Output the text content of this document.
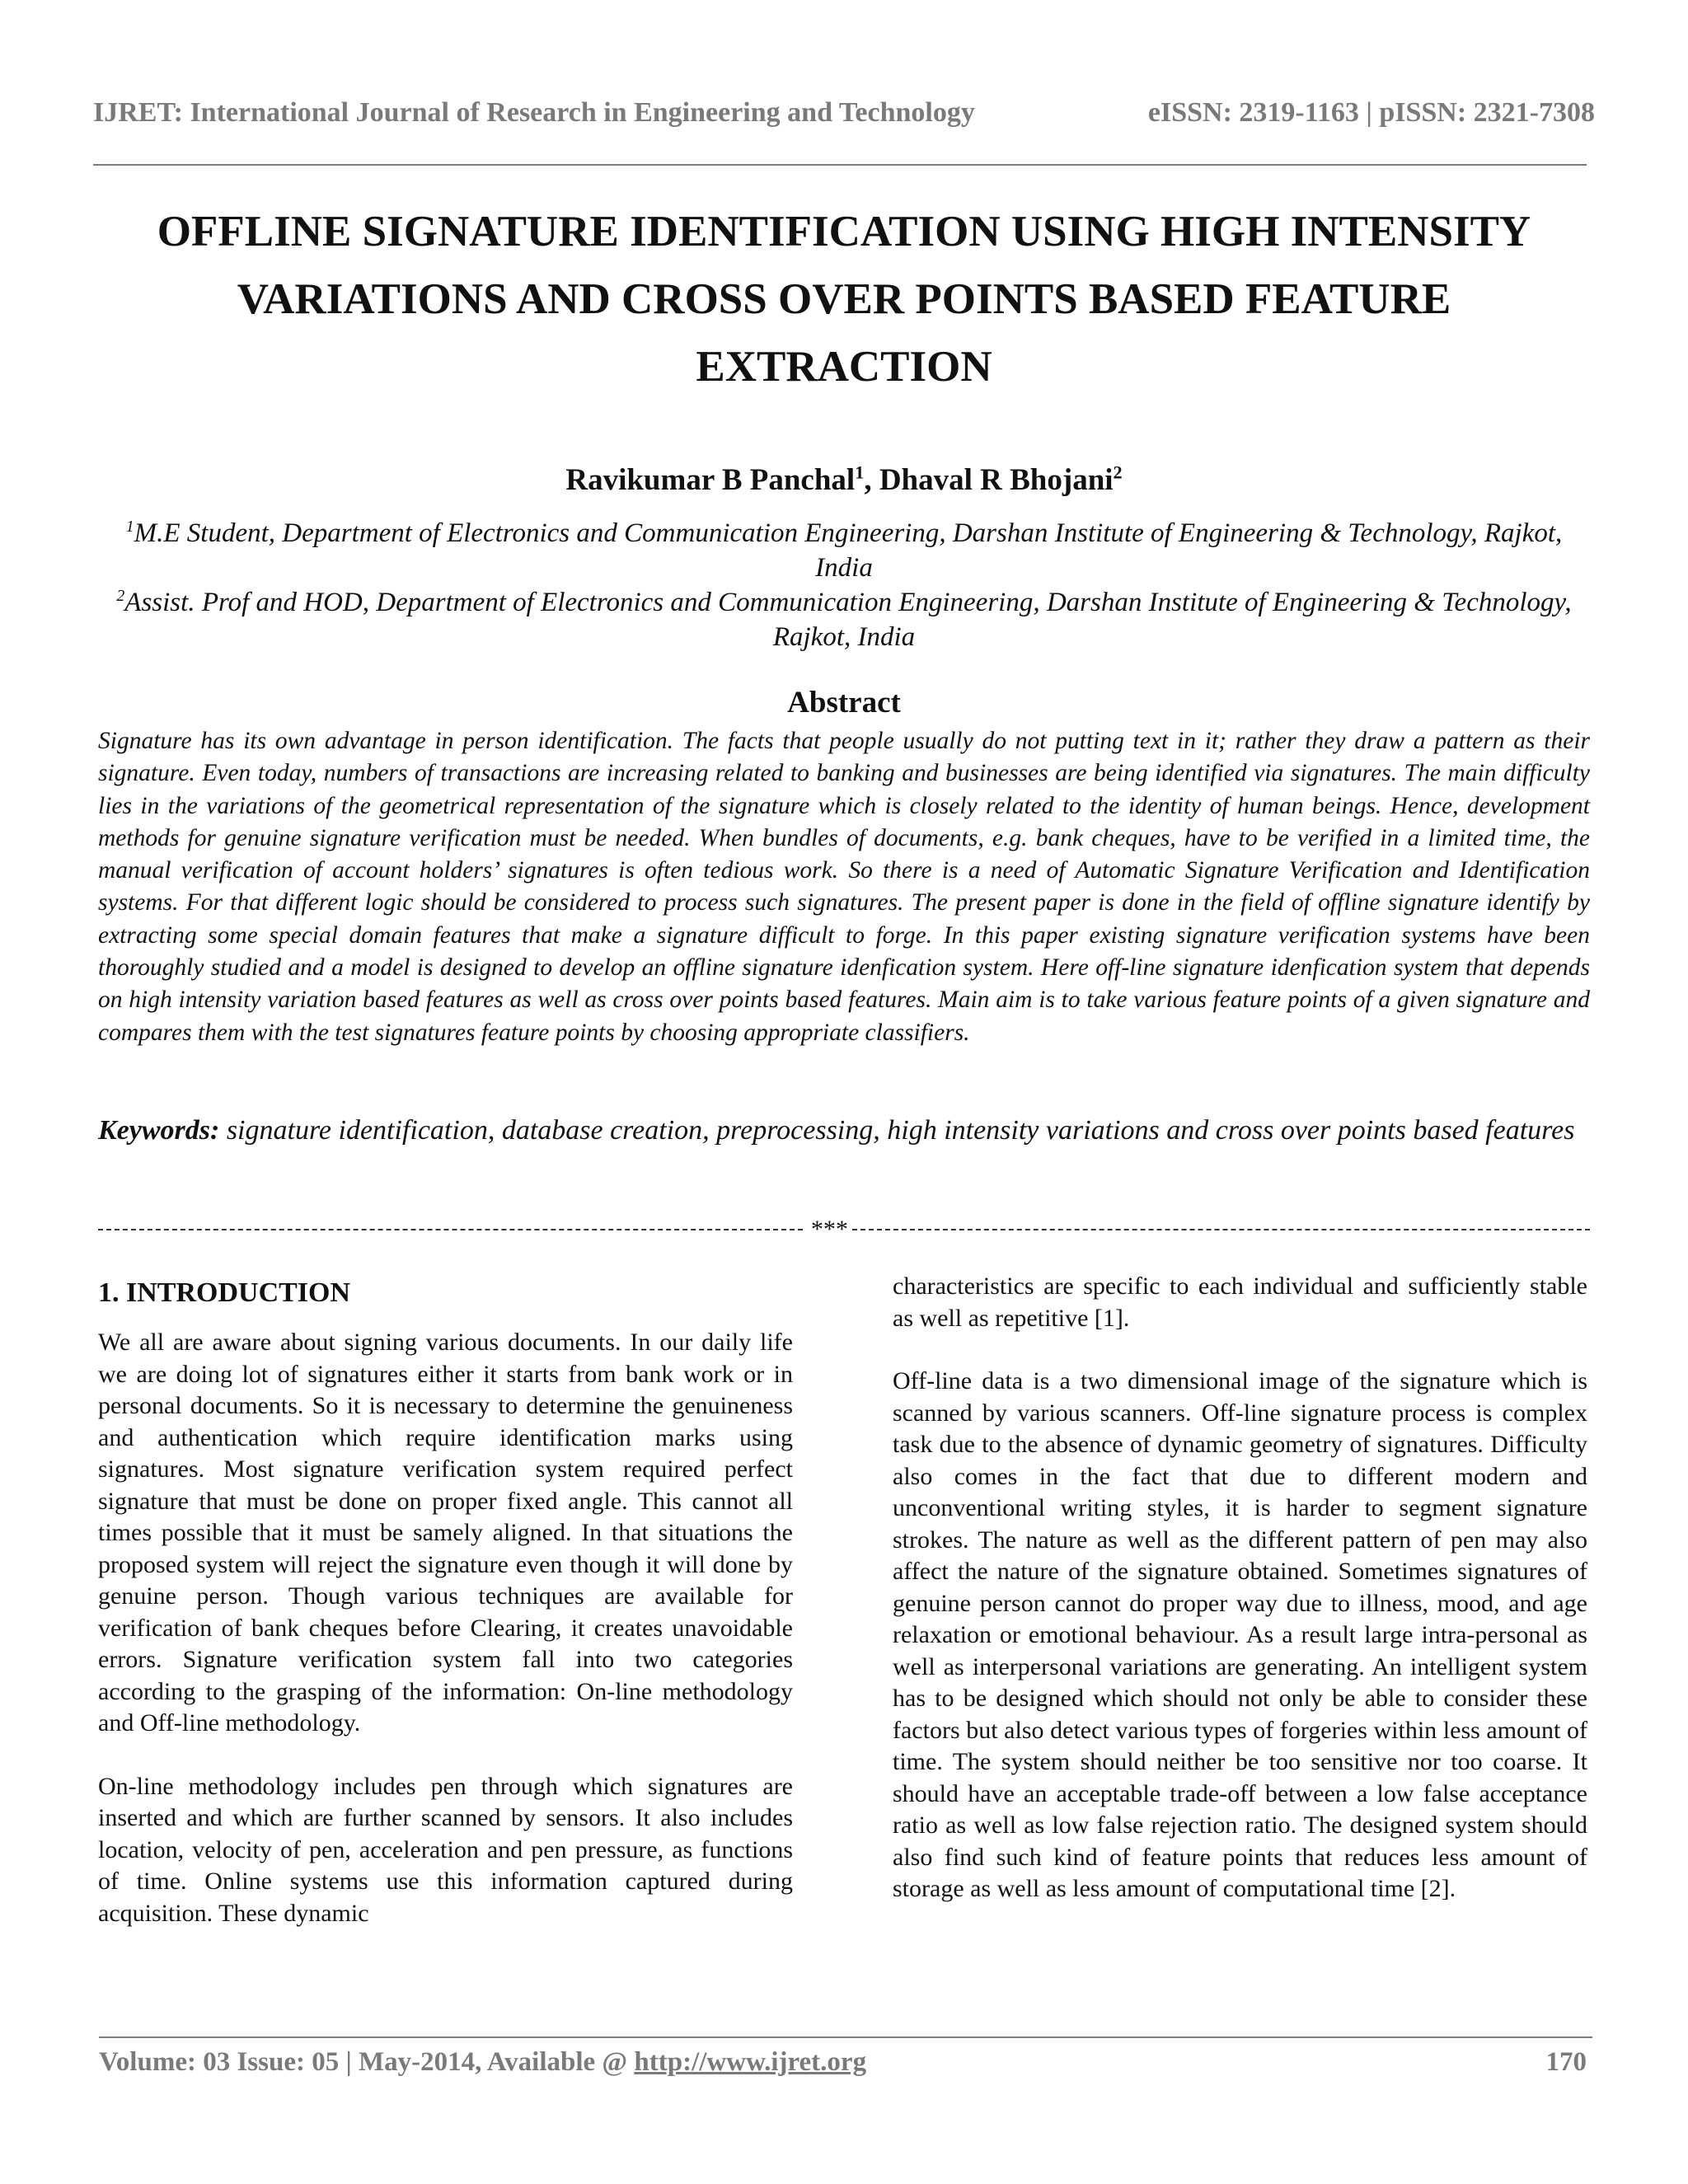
IJRET: International Journal of Research in Engineering and Technology	eISSN: 2319-1163 | pISSN: 2321-7308
OFFLINE SIGNATURE IDENTIFICATION USING HIGH INTENSITY VARIATIONS AND CROSS OVER POINTS BASED FEATURE EXTRACTION
Ravikumar B Panchal$^1$, Dhaval R Bhojani$^2$

$^1$M.E Student, Department of Electronics and Communication Engineering, Darshan Institute of Engineering & Technology, Rajkot, India

$^2$Assist. Prof and HOD, Department of Electronics and Communication Engineering, Darshan Institute of Engineering & Technology, Rajkot, India

Abstract

Signature has its own advantage in person identification. The facts that people usually do not putting text in it; rather they draw a pattern as their signature. Even today, numbers of transactions are increasing related to banking and businesses are being identified via signatures. The main difficulty lies in the variations of the geometrical representation of the signature which is closely related to the identity of human beings. Hence, development methods for genuine signature verification must be needed. When bundles of documents, e.g. bank cheques, have to be verified in a limited time, the manual verification of account holders’ signatures is often tedious work. So there is a need of Automatic Signature Verification and Identification systems. For that different logic should be considered to process such signatures. The present paper is done in the field of offline signature identify by extracting some special domain features that make a signature difficult to forge. In this paper existing signature verification systems have been thoroughly studied and a model is designed to develop an offline signature idenfication system. Here off-line signature idenfication system that depends on high intensity variation based features as well as cross over points based features. Main aim is to take various feature points of a given signature and compares them with the test signatures feature points by choosing appropriate classifiers.

Keywords: signature identification, database creation, preprocessing, high intensity variations and cross over points based features

***
1. INTRODUCTION

We all are aware about signing various documents. In our daily life we are doing lot of signatures either it starts from bank work or in personal documents. So it is necessary to determine the genuineness and authentication which require identification marks using signatures. Most signature verification system required perfect signature that must be done on proper fixed angle. This cannot all times possible that it must be samely aligned. In that situations the proposed system will reject the signature even though it will done by genuine person. Though various techniques are available for verification of bank cheques before Clearing, it creates unavoidable errors. Signature verification system fall into two categories according to the grasping of the information: On-line methodology and Off-line methodology.

On-line methodology includes pen through which signatures are inserted and which are further scanned by sensors. It also includes location, velocity of pen, acceleration and pen pressure, as functions of time. Online systems use this information captured during acquisition. These dynamic

characteristics are specific to each individual and sufficiently stable as well as repetitive [1].

Off-line data is a two dimensional image of the signature which is scanned by various scanners. Off-line signature process is complex task due to the absence of dynamic geometry of signatures. Difficulty also comes in the fact that due to different modern and unconventional writing styles, it is harder to segment signature strokes. The nature as well as the different pattern of pen may also affect the nature of the signature obtained. Sometimes signatures of genuine person cannot do proper way due to illness, mood, and age relaxation or emotional behaviour. As a result large intra-personal as well as interpersonal variations are generating. An intelligent system has to be designed which should not only be able to consider these factors but also detect various types of forgeries within less amount of time. The system should neither be too sensitive nor too coarse. It should have an acceptable trade-off between a low false acceptance ratio as well as low false rejection ratio. The designed system should also find such kind of feature points that reduces less amount of storage as well as less amount of computational time [2].

Volume: 03 Issue: 05 | May-2014, Available @ http://www.ijret.org	170
